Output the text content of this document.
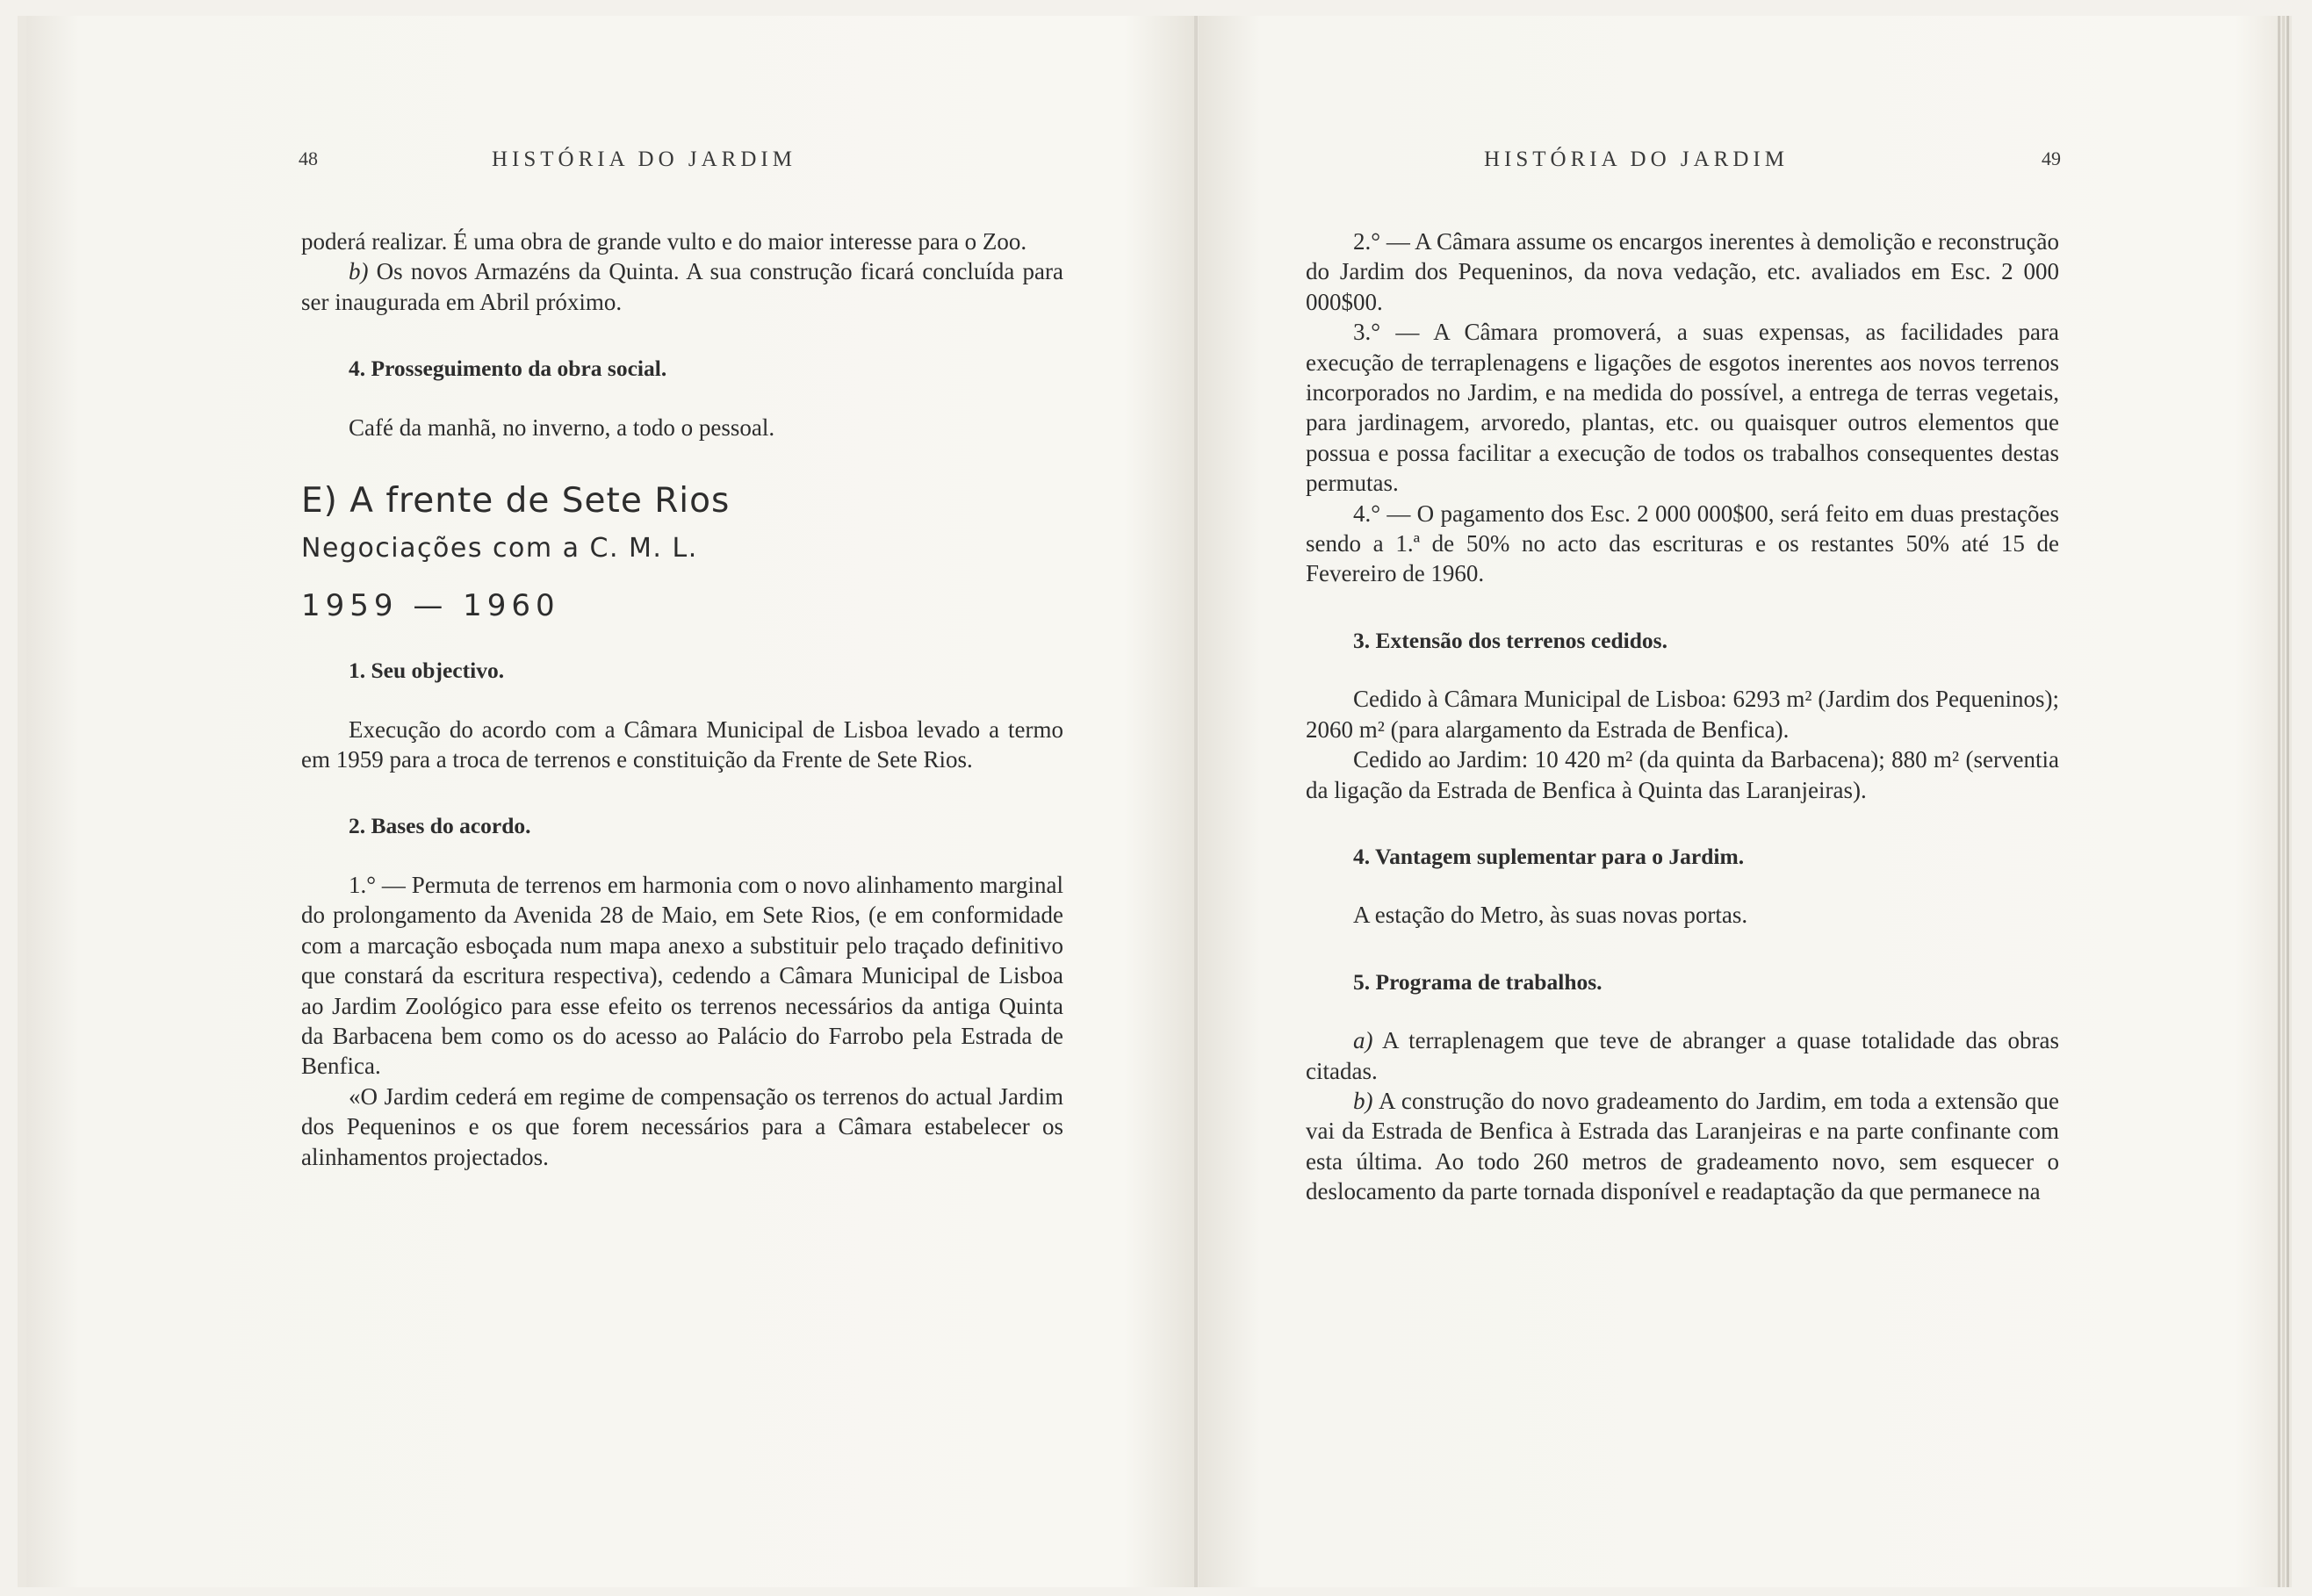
48	HISTÓRIA DO JARDIM

poderá realizar. É uma obra de grande vulto e do maior interesse para o Zoo.

b) Os novos Armazéns da Quinta. A sua construção ficará concluída para ser inaugurada em Abril próximo.

4. Prosseguimento da obra social.

Café da manhã, no inverno, a todo o pessoal.

E) A frente de Sete Rios

Negociações com a C. M. L.

1959 — 1960

1. Seu objectivo.

Execução do acordo com a Câmara Municipal de Lisboa levado a termo em 1959 para a troca de terrenos e constituição da Frente de Sete Rios.

2. Bases do acordo.

1.° — Permuta de terrenos em harmonia com o novo alinhamento marginal do prolongamento da Avenida 28 de Maio, em Sete Rios, (e em conformidade com a marcação esboçada num mapa anexo a substituir pelo traçado definitivo que constará da escritura respectiva), cedendo a Câmara Municipal de Lisboa ao Jardim Zoológico para esse efeito os terrenos necessários da antiga Quinta da Barbacena bem como os do acesso ao Palácio do Farrobo pela Estrada de Benfica.

«O Jardim cederá em regime de compensação os terrenos do actual Jardim dos Pequeninos e os que forem necessários para a Câmara estabelecer os alinhamentos projectados.

HISTÓRIA DO JARDIM	49

2.° — A Câmara assume os encargos inerentes à demolição e reconstrução do Jardim dos Pequeninos, da nova vedação, etc. avaliados em Esc. 2 000 000$00.

3.° — A Câmara promoverá, a suas expensas, as facilidades para execução de terraplenagens e ligações de esgotos inerentes aos novos terrenos incorporados no Jardim, e na medida do possível, a entrega de terras vegetais, para jardinagem, arvoredo, plantas, etc. ou quaisquer outros elementos que possua e possa facilitar a execução de todos os trabalhos consequentes destas permutas.

4.° — O pagamento dos Esc. 2 000 000$00, será feito em duas prestações sendo a 1.ª de 50% no acto das escrituras e os restantes 50% até 15 de Fevereiro de 1960.

3. Extensão dos terrenos cedidos.

Cedido à Câmara Municipal de Lisboa: 6293 m² (Jardim dos Pequeninos); 2060 m² (para alargamento da Estrada de Benfica).

Cedido ao Jardim: 10 420 m² (da quinta da Barbacena); 880 m² (serventia da ligação da Estrada de Benfica à Quinta das Laranjeiras).

4. Vantagem suplementar para o Jardim.

A estação do Metro, às suas novas portas.

5. Programa de trabalhos.

a) A terraplenagem que teve de abranger a quase totalidade das obras citadas.

b) A construção do novo gradeamento do Jardim, em toda a extensão que vai da Estrada de Benfica à Estrada das Laranjeiras e na parte confinante com esta última. Ao todo 260 metros de gradeamento novo, sem esquecer o deslocamento da parte tornada disponível e readaptação da que permanece na
